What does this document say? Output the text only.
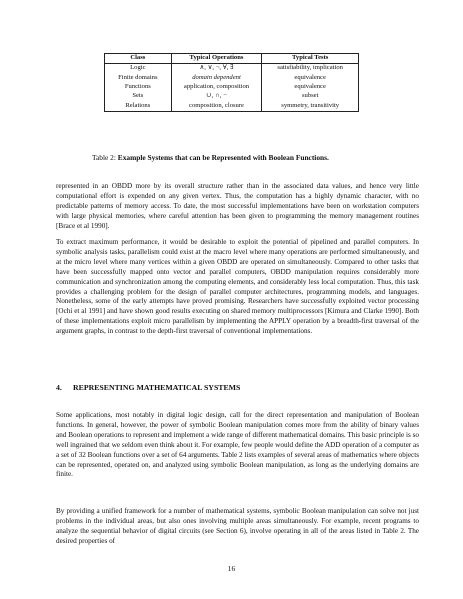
Class	Typical Operations	Typical Tests
Logic	∧, ∨, ¬, ∀, ∃	satisfiability, implication
Finite domains	domain dependent	equivalence
Functions	application, composition	equivalence
Sets	∪, ∩, −	subset
Relations	composition, closure	symmetry, transitivity
Table 2: Example Systems that can be Represented with Boolean Functions.

represented in an OBDD more by its overall structure rather than in the associated data values, and hence very little computational effort is expended on any given vertex. Thus, the computation has a highly dynamic character, with no predictable patterns of memory access. To date, the most successful implementations have been on workstation computers with large physical memories, where careful attention has been given to programming the memory management routines [Brace et al 1990].

To extract maximum performance, it would be desirable to exploit the potential of pipelined and parallel computers. In symbolic analysis tasks, parallelism could exist at the macro level where many operations are performed simultaneously, and at the micro level where many vertices within a given OBDD are operated on simultaneously. Compared to other tasks that have been successfully mapped onto vector and parallel computers, OBDD manipulation requires considerably more communication and synchronization among the computing elements, and considerably less local computation. Thus, this task provides a challenging problem for the design of parallel computer architectures, programming models, and languages. Nonetheless, some of the early attempts have proved promising. Researchers have successfully exploited vector processing [Ochi et al 1991] and have shown good results executing on shared memory multiprocessors [Kimura and Clarke 1990]. Both of these implementations exploit micro parallelism by implementing the APPLY operation by a breadth-first traversal of the argument graphs, in contrast to the depth-first traversal of conventional implementations.

4. REPRESENTING MATHEMATICAL SYSTEMS

Some applications, most notably in digital logic design, call for the direct representation and manipulation of Boolean functions. In general, however, the power of symbolic Boolean manipulation comes more from the ability of binary values and Boolean operations to represent and implement a wide range of different mathematical domains. This basic principle is so well ingrained that we seldom even think about it. For example, few people would define the ADD operation of a computer as a set of 32 Boolean functions over a set of 64 arguments. Table 2 lists examples of several areas of mathematics where objects can be represented, operated on, and analyzed using symbolic Boolean manipulation, as long as the underlying domains are finite.

By providing a unified framework for a number of mathematical systems, symbolic Boolean manipulation can solve not just problems in the individual areas, but also ones involving multiple areas simultaneously. For example, recent programs to analyze the sequential behavior of digital circuits (see Section 6), involve operating in all of the areas listed in Table 2. The desired properties of

16
